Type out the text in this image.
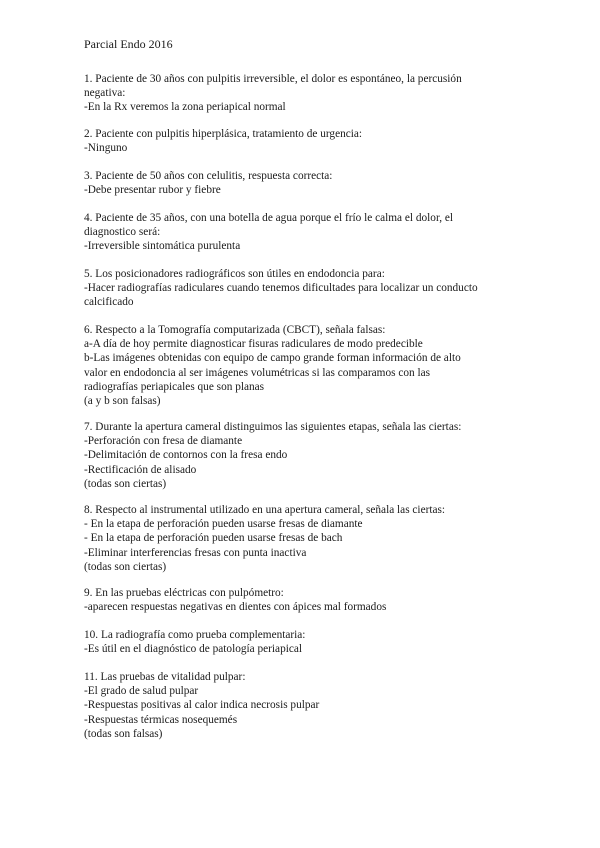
Parcial Endo 2016
1. Paciente de 30 años con pulpitis irreversible, el dolor es espontáneo, la percusión
negativa:
-En la Rx veremos la zona periapical normal
2. Paciente con pulpitis hiperplásica, tratamiento de urgencia:
-Ninguno
3. Paciente de 50 años con celulitis, respuesta correcta:
-Debe presentar rubor y fiebre
4. Paciente de 35 años, con una botella de agua porque el frío le calma el dolor, el
diagnostico será:
-Irreversible sintomática purulenta
5. Los posicionadores radiográficos son útiles en endodoncia para:
-Hacer radiografías radiculares cuando tenemos dificultades para localizar un conducto
calcificado
6. Respecto a la Tomografía computarizada (CBCT), señala falsas:
a-A día de hoy permite diagnosticar fisuras radiculares de modo predecible
b-Las imágenes obtenidas con equipo de campo grande forman información de alto
valor en endodoncia al ser imágenes volumétricas si las comparamos con las
radiografías periapicales que son planas
(a y b son falsas)
7. Durante la apertura cameral distinguimos las siguientes etapas, señala las ciertas:
-Perforación con fresa de diamante
-Delimitación de contornos con la fresa endo
-Rectificación de alisado
(todas son ciertas)
8. Respecto al instrumental utilizado en una apertura cameral, señala las ciertas:
- En la etapa de perforación pueden usarse fresas de diamante
- En la etapa de perforación pueden usarse fresas de bach
-Eliminar interferencias fresas con punta inactiva
(todas son ciertas)
9. En las pruebas eléctricas con pulpómetro:
-aparecen respuestas negativas en dientes con ápices mal formados
10. La radiografía como prueba complementaria:
-Es útil en el diagnóstico de patología periapical
11. Las pruebas de vitalidad pulpar:
-El grado de salud pulpar
-Respuestas positivas al calor indica necrosis pulpar
-Respuestas térmicas nosequemés
(todas son falsas)
